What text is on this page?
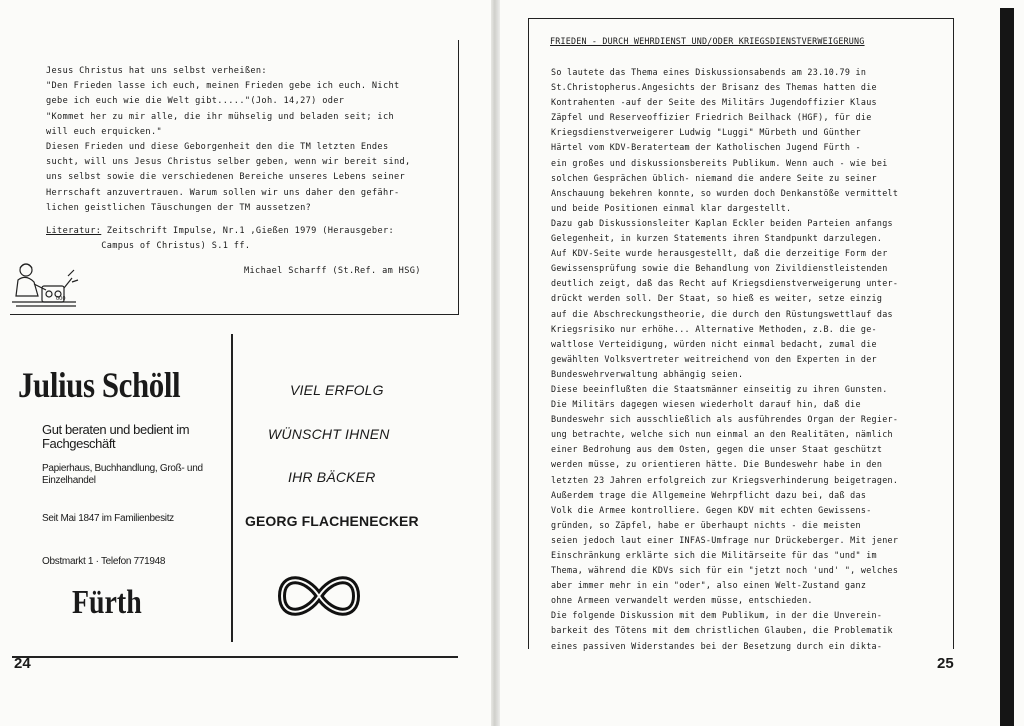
Jesus Christus hat uns selbst verheißen:

"Den Frieden lasse ich euch, meinen Frieden gebe ich euch. Nicht

gebe ich euch wie die Welt gibt....."(Joh. 14,27) oder

"Kommet her zu mir alle, die ihr mühselig und beladen seit; ich

will euch erquicken."

Diesen Frieden und diese Geborgenheit den die TM letzten Endes

sucht, will uns Jesus Christus selber geben, wenn wir bereit sind,

uns selbst sowie die verschiedenen Bereiche unseres Lebens seiner

Herrschaft anzuvertrauen. Warum sollen wir uns daher den gefähr-

lichen geistlichen Täuschungen der TM aussetzen?

Literatur: Zeitschrift Impulse, Nr.1 ,Gießen 1979 (Herausgeber:

Campus of Christus) S.1 ff.

Michael Scharff (St.Ref. am HSG)
000
Julius Schöll
Gut beraten und bedient im Fachgeschäft
Papierhaus, Buchhandlung, Groß- und Einzelhandel
Seit Mai 1847 im Familienbesitz
Obstmarkt 1 · Telefon 771948
Fürth
VIEL ERFOLG
WÜNSCHT IHNEN
IHR BÄCKER
GEORG FLACHENECKER
24
FRIEDEN - DURCH WEHRDIENST UND/ODER KRIEGSDIENSTVERWEIGERUNG

So lautete das Thema eines Diskussionsabends am 23.10.79 in

St.Christopherus.Angesichts der Brisanz des Themas hatten die

Kontrahenten -auf der Seite des Militärs Jugendoffizier Klaus

Zäpfel und Reserveoffizier Friedrich Beilhack (HGF), für die

Kriegsdienstverweigerer Ludwig "Luggi" Mürbeth und Günther

Härtel vom KDV-Beraterteam der Katholischen Jugend Fürth -

ein großes und diskussionsbereits Publikum. Wenn auch - wie bei

solchen Gesprächen üblich- niemand die andere Seite zu seiner

Anschauung bekehren konnte, so wurden doch Denkanstöße vermittelt

und beide Positionen einmal klar dargestellt.

Dazu gab Diskussionsleiter Kaplan Eckler beiden Parteien anfangs

Gelegenheit, in kurzen Statements ihren Standpunkt darzulegen.

Auf KDV-Seite wurde herausgestellt, daß die derzeitige Form der

Gewissensprüfung sowie die Behandlung von Zivildienstleistenden

deutlich zeigt, daß das Recht auf Kriegsdienstverweigerung unter-

drückt werden soll. Der Staat, so hieß es weiter, setze einzig

auf die Abschreckungstheorie, die durch den Rüstungswettlauf das

Kriegsrisiko nur erhöhe... Alternative Methoden, z.B. die ge-

waltlose Verteidigung, würden nicht einmal bedacht, zumal die

gewählten Volksvertreter weitreichend von den Experten in der

Bundeswehrverwaltung abhängig seien.

Diese beeinflußten die Staatsmänner einseitig zu ihren Gunsten.

Die Militärs dagegen wiesen wiederholt darauf hin, daß die

Bundeswehr sich ausschließlich als ausführendes Organ der Regier-

ung betrachte, welche sich nun einmal an den Realitäten, nämlich

einer Bedrohung aus dem Osten, gegen die unser Staat geschützt

werden müsse, zu orientieren hätte. Die Bundeswehr habe in den

letzten 23 Jahren erfolgreich zur Kriegsverhinderung beigetragen.

Außerdem trage die Allgemeine Wehrpflicht dazu bei, daß das

Volk die Armee kontrolliere. Gegen KDV mit echten Gewissens-

gründen, so Zäpfel, habe er überhaupt nichts - die meisten

seien jedoch laut einer INFAS-Umfrage nur Drückeberger. Mit jener

Einschränkung erklärte sich die Militärseite für das "und" im

Thema, während die KDVs sich für ein "jetzt noch 'und' ", welches

aber immer mehr in ein "oder", also einen Welt-Zustand ganz

ohne Armeen verwandelt werden müsse, entschieden.

Die folgende Diskussion mit dem Publikum, in der die Unverein-

barkeit des Tötens mit dem christlichen Glauben, die Problematik

eines passiven Widerstandes bei der Besetzung durch ein dikta-

25
